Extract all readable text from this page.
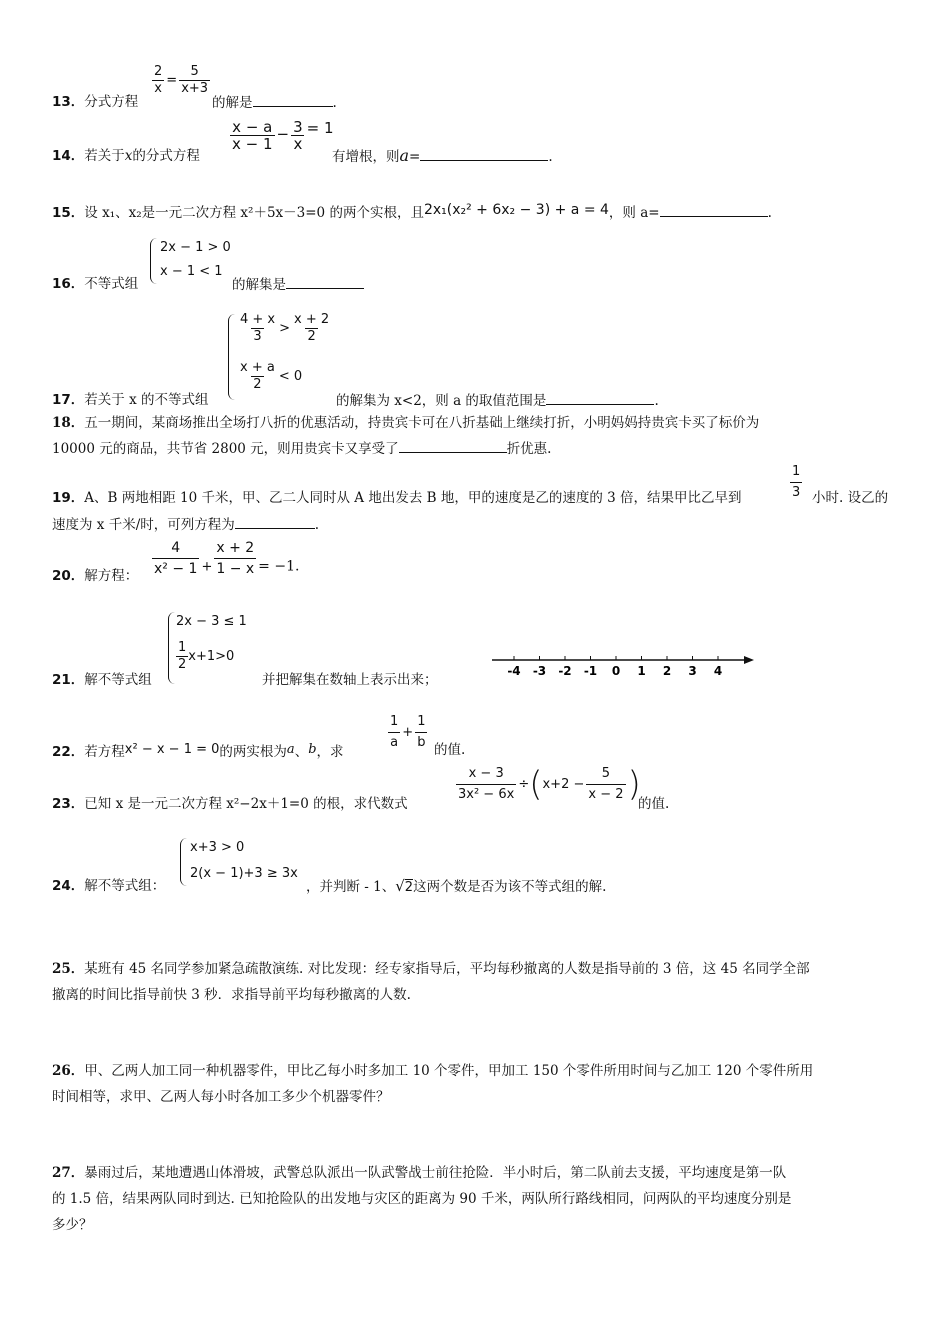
13．分式方程
$\frac{2}{x} = \frac{5}{x+3}$
的解是	.
14．若关于x的分式方程
$\frac{x - a}{x - 1} - \frac{3}{x} = 1$
有增根，则a=	.
15．设 x₁、x₂是一元二次方程 x²＋5x－3=0 的两个实根，且2x₁(x₂² + 6x₂ − 3) + a = 4，则 a=	.
16．不等式组
2x − 1 > 0
x − 1 < 1
的解集是
$\frac{4 + x}{3} > \frac{x + 2}{2}$
$\frac{x + a}{2} < 0$
17．若关于 x 的不等式组	的解集为 x<2，则 a 的取值范围是	.
18．五一期间，某商场推出全场打八折的优惠活动，持贵宾卡可在八折基础上继续打折，小明妈妈持贵宾卡买了标价为
10000 元的商品，共节省 2800 元，则用贵宾卡又享受了	折优惠.
19．A、B 两地相距 10 千米，甲、乙二人同时从 A 地出发去 B 地，甲的速度是乙的速度的 3 倍，结果甲比乙早到	$\frac{1}{3}$ 小时. 设乙的
速度为 x 千米/时，可列方程为	.
20．解方程： $\frac{4}{\text{x² − 1}} + \frac{x + 2}{1 - x} = -1$.
2x − 3 ≤ 1
$\frac{1}{2} x+1>0$
21．解不等式组	并把解集在数轴上表示出来；
-4 -3 -2 -1 0 1 2 3 4
22．若方程x² − x − 1 = 0的两实根为a、b，求	$\frac{1}{a} + \frac{1}{b}$ 的值.
23．已知 x 是一元二次方程 x²−2x＋1=0 的根，求代数式	$\frac{x - 3}{\text{3x² − 6x}} \div(x+2 - \frac{5}{x - 2}$ )
的值.
x+3 > 0
2(x − 1)+3 ≥ 3x
24．解不等式组：	，并判断 - 1、√2这两个数是否为该不等式组的解.
25．某班有 45 名同学参加紧急疏散演练. 对比发现：经专家指导后，平均每秒撤离的人数是指导前的 3 倍，这 45 名同学全部
撤离的时间比指导前快 3 秒．求指导前平均每秒撤离的人数.
26．甲、乙两人加工同一种机器零件，甲比乙每小时多加工 10 个零件，甲加工 150 个零件所用时间与乙加工 120 个零件所用
时间相等，求甲、乙两人每小时各加工多少个机器零件？
27．暴雨过后，某地遭遇山体滑坡，武警总队派出一队武警战士前往抢险．半小时后，第二队前去支援，平均速度是第一队
的 1.5 倍，结果两队同时到达. 已知抢险队的出发地与灾区的距离为 90 千米，两队所行路线相同，问两队的平均速度分别是
多少？
